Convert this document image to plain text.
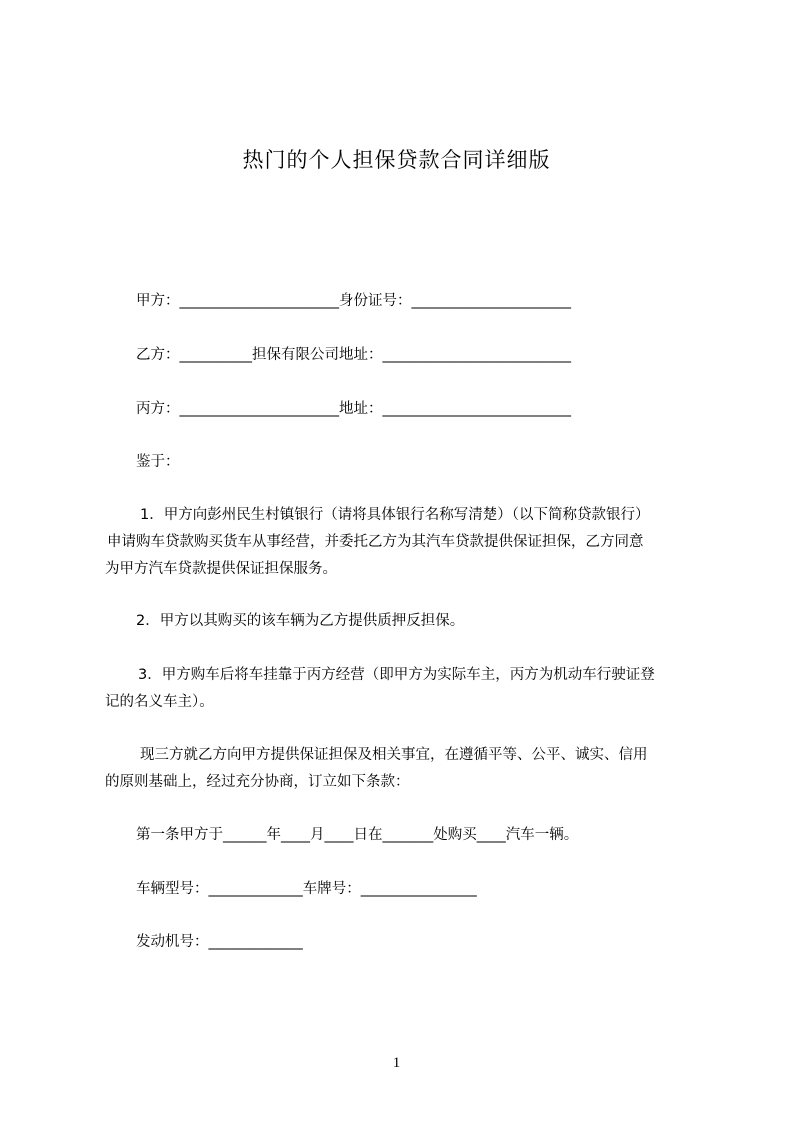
热门的个人担保贷款合同详细版
甲方：______________________身份证号：______________________
乙方：__________担保有限公司地址：__________________________
丙方：______________________地址：__________________________
鉴于：
1．甲方向彭州民生村镇银行（请将具体银行名称写清楚）（以下简称贷款银行）
申请购车贷款购买货车从事经营，并委托乙方为其汽车贷款提供保证担保，乙方同意
为甲方汽车贷款提供保证担保服务。
2．甲方以其购买的该车辆为乙方提供质押反担保。
3．甲方购车后将车挂靠于丙方经营（即甲方为实际车主，丙方为机动车行驶证登
记的名义车主）。
现三方就乙方向甲方提供保证担保及相关事宜，在遵循平等、公平、诚实、信用
的原则基础上，经过充分协商，订立如下条款：
第一条甲方于______年____月____日在_______处购买____汽车一辆。
车辆型号：_____________车牌号：________________
发动机号：_____________
1
